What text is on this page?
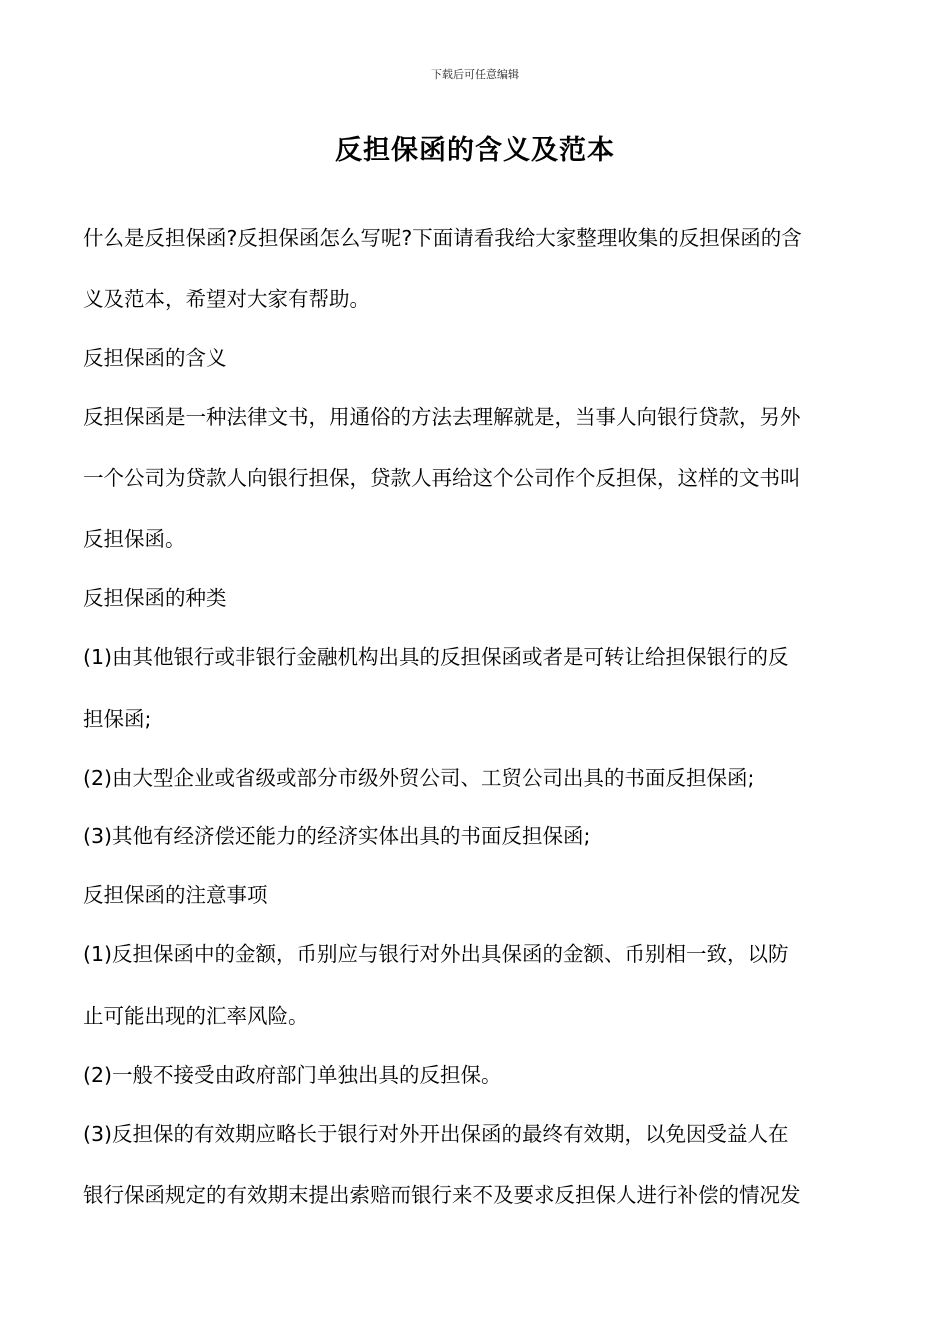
下载后可任意编辑
反担保函的含义及范本
什么是反担保函?反担保函怎么写呢?下面请看我给大家整理收集的反担保函的含
义及范本，希望对大家有帮助。
反担保函的含义
反担保函是一种法律文书，用通俗的方法去理解就是，当事人向银行贷款，另外
一个公司为贷款人向银行担保，贷款人再给这个公司作个反担保，这样的文书叫
反担保函。
反担保函的种类
(1)由其他银行或非银行金融机构出具的反担保函或者是可转让给担保银行的反
担保函;
(2)由大型企业或省级或部分市级外贸公司、工贸公司出具的书面反担保函;
(3)其他有经济偿还能力的经济实体出具的书面反担保函;
反担保函的注意事项
(1)反担保函中的金额，币别应与银行对外出具保函的金额、币别相一致，以防
止可能出现的汇率风险。
(2)一般不接受由政府部门单独出具的反担保。
(3)反担保的有效期应略长于银行对外开出保函的最终有效期，以免因受益人在
银行保函规定的有效期末提出索赔而银行来不及要求反担保人进行补偿的情况发
